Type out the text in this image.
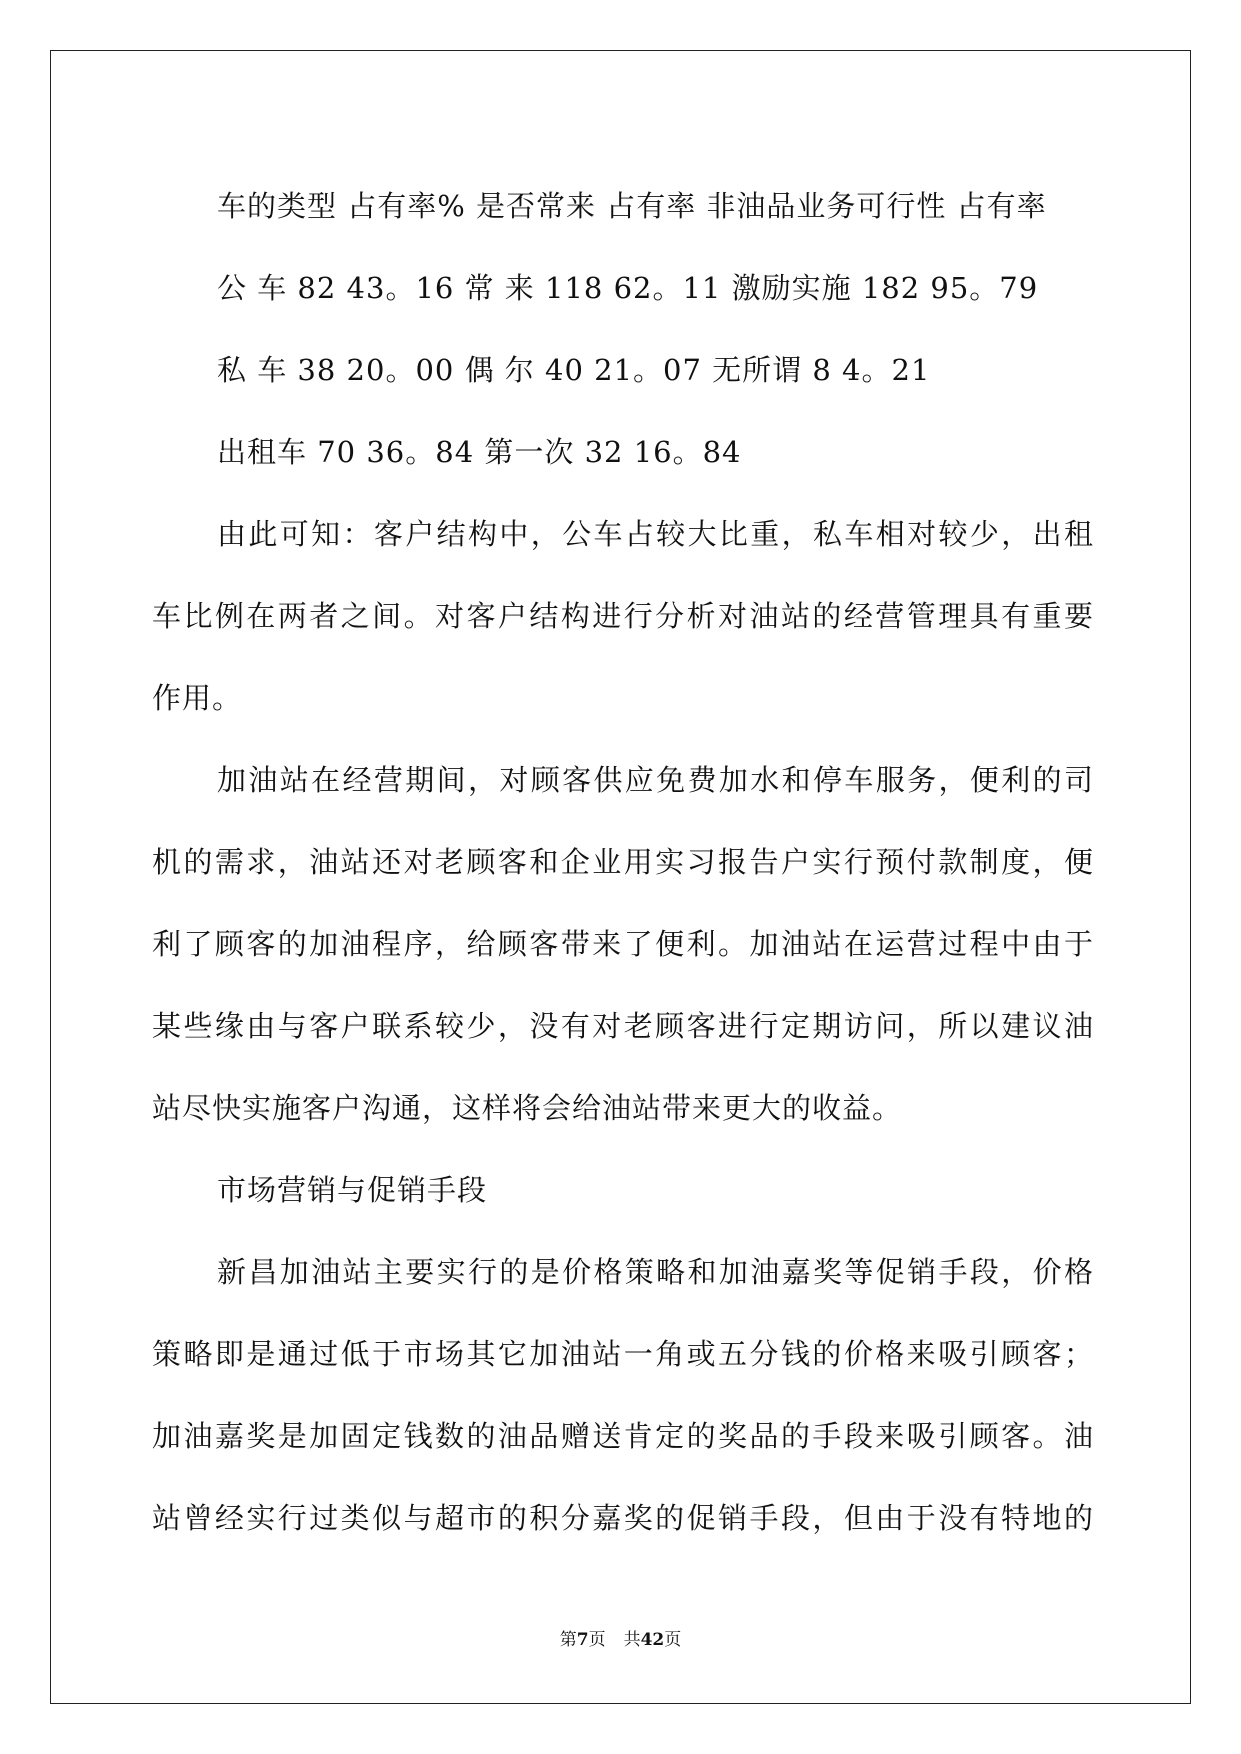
车的类型 占有率% 是否常来 占有率 非油品业务可行性 占有率
公 车 82 43。16 常 来 118 62。11 激励实施 182 95。79
私 车 38 20。00 偶 尔 40 21。07 无所谓 8 4。21
出租车 70 36。84 第一次 32 16。84
由此可知：客户结构中，公车占较大比重，私车相对较少，出租
车比例在两者之间。对客户结构进行分析对油站的经营管理具有重要
作用。
加油站在经营期间，对顾客供应免费加水和停车服务，便利的司
机的需求，油站还对老顾客和企业用实习报告户实行预付款制度，便
利了顾客的加油程序，给顾客带来了便利。加油站在运营过程中由于
某些缘由与客户联系较少，没有对老顾客进行定期访问，所以建议油
站尽快实施客户沟通，这样将会给油站带来更大的收益。
市场营销与促销手段
新昌加油站主要实行的是价格策略和加油嘉奖等促销手段，价格
策略即是通过低于市场其它加油站一角或五分钱的价格来吸引顾客；
加油嘉奖是加固定钱数的油品赠送肯定的奖品的手段来吸引顾客。油
站曾经实行过类似与超市的积分嘉奖的促销手段，但由于没有特地的
第7页 共42页
